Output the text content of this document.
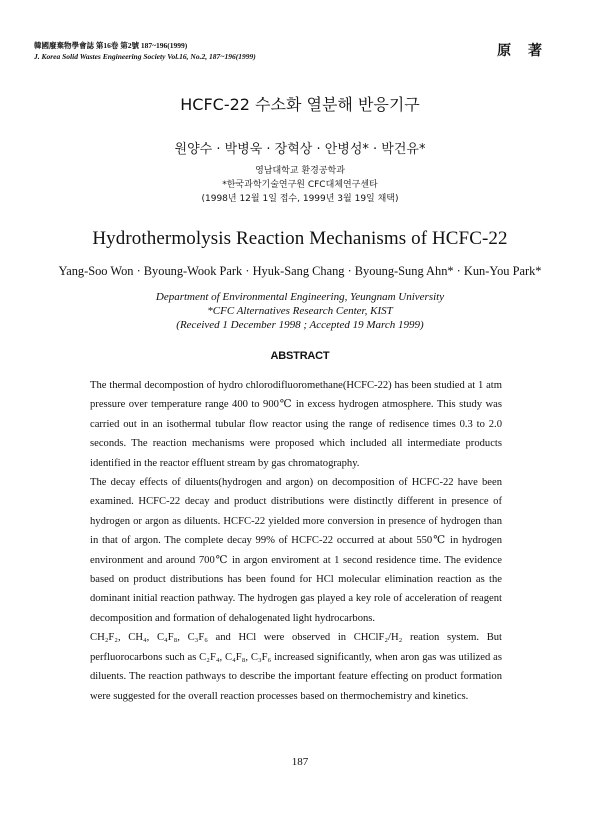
韓國廢棄物學會誌 第16卷 第2號 187~196(1999)
J. Korea Solid Wastes Engineering Society Vol.16, No.2, 187~196(1999)	原 著
HCFC-22 수소화 열분해 반응기구
원양수 · 박병욱 · 장혁상 · 안병성* · 박건유*
영남대학교 환경공학과
*한국과학기술연구원 CFC대체연구센타
(1998년 12월 1일 접수, 1999년 3월 19일 채택)
Hydrothermolysis Reaction Mechanisms of HCFC-22
Yang-Soo Won · Byoung-Wook Park · Hyuk-Sang Chang · Byoung-Sung Ahn* · Kun-You Park*
Department of Environmental Engineering, Yeungnam University
*CFC Alternatives Research Center, KIST
(Received 1 December 1998 ; Accepted 19 March 1999)
ABSTRACT

The thermal decompostion of hydro chlorodifluoromethane(HCFC-22) has been studied at 1 atm pressure over temperature range 400 to 900℃ in excess hydrogen atmosphere. This study was carried out in an isothermal tubular flow reactor using the range of redisence times 0.3 to 2.0 seconds. The reaction mechanisms were proposed which included all intermediate products identified in the reactor effluent stream by gas chromatography.

The decay effects of diluents(hydrogen and argon) on decomposition of HCFC-22 have been examined. HCFC-22 decay and product distributions were distinctly different in presence of hydrogen or argon as diluents. HCFC-22 yielded more conversion in presence of hydrogen than in that of argon. The complete decay 99% of HCFC-22 occurred at about 550℃ in hydrogen environment and around 700℃ in argon enviroment at 1 second residence time. The evidence based on product distributions has been found for HCl molecular elimination reaction as the dominant initial reaction pathway. The hydrogen gas played a key role of acceleration of reagent decomposition and formation of dehalogenated light hydrocarbons.

CH₂F₂, CH₄, C₄F₈, C₃F₆ and HCl were observed in CHClF₂/H₂ reation system. But perfluorocarbons such as C₂F₄, C₄F₈, C₃F₆ increased significantly, when aron gas was utilized as diluents. The reaction pathways to describe the important feature effecting on product formation were suggested for the overall reaction processes based on thermochemistry and kinetics.

187
